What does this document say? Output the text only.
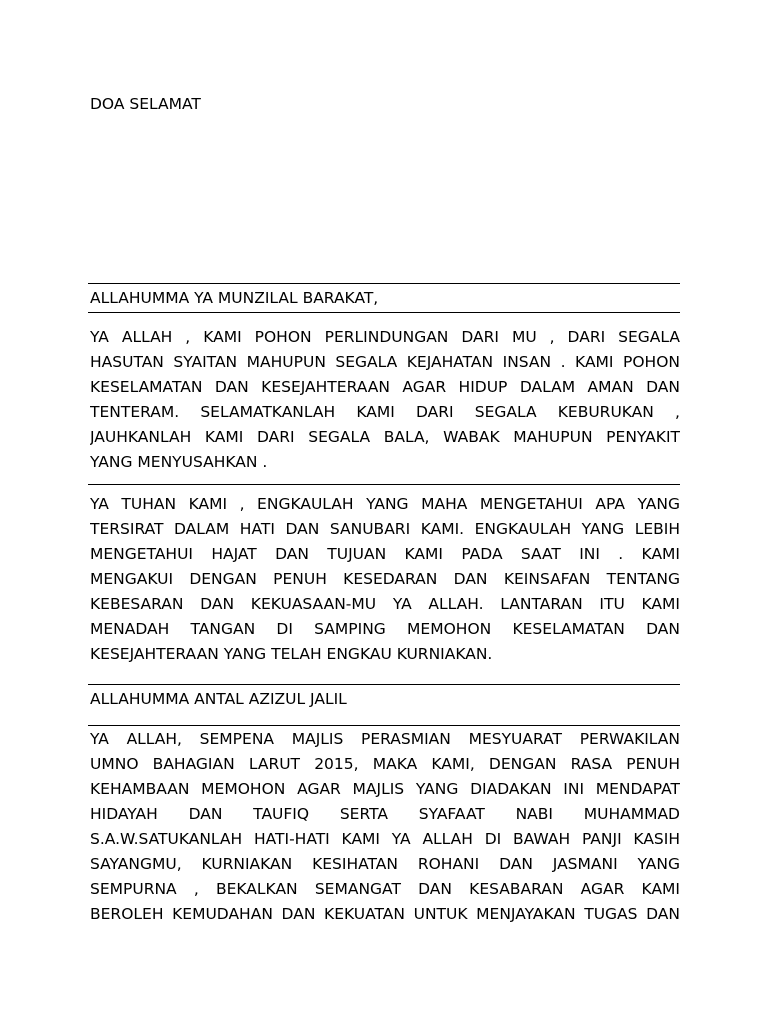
DOA SELAMAT
ALLAHUMMA YA MUNZILAL BARAKAT,
YA ALLAH , KAMI POHON PERLINDUNGAN DARI MU , DARI SEGALA
HASUTAN SYAITAN MAHUPUN SEGALA KEJAHATAN INSAN . KAMI POHON
KESELAMATAN DAN KESEJAHTERAAN AGAR HIDUP DALAM AMAN DAN
TENTERAM. SELAMATKANLAH KAMI DARI SEGALA KEBURUKAN ,
JAUHKANLAH KAMI DARI SEGALA BALA, WABAK MAHUPUN PENYAKIT
YANG MENYUSAHKAN .
YA TUHAN KAMI , ENGKAULAH YANG MAHA MENGETAHUI APA YANG
TERSIRAT DALAM HATI DAN SANUBARI KAMI. ENGKAULAH YANG LEBIH
MENGETAHUI HAJAT DAN TUJUAN KAMI PADA SAAT INI . KAMI
MENGAKUI DENGAN PENUH KESEDARAN DAN KEINSAFAN TENTANG
KEBESARAN DAN KEKUASAAN-MU YA ALLAH. LANTARAN ITU KAMI
MENADAH TANGAN DI SAMPING MEMOHON KESELAMATAN DAN
KESEJAHTERAAN YANG TELAH ENGKAU KURNIAKAN.
ALLAHUMMA ANTAL AZIZUL JALIL
YA ALLAH, SEMPENA MAJLIS PERASMIAN MESYUARAT PERWAKILAN
UMNO BAHAGIAN LARUT 2015, MAKA KAMI, DENGAN RASA PENUH
KEHAMBAAN MEMOHON AGAR MAJLIS YANG DIADAKAN INI MENDAPAT
HIDAYAH DAN TAUFIQ SERTA SYAFAAT NABI MUHAMMAD
S.A.W.SATUKANLAH HATI-HATI KAMI YA ALLAH DI BAWAH PANJI KASIH
SAYANGMU, KURNIAKAN KESIHATAN ROHANI DAN JASMANI YANG
SEMPURNA , BEKALKAN SEMANGAT DAN KESABARAN AGAR KAMI
BEROLEH KEMUDAHAN DAN KEKUATAN UNTUK MENJAYAKAN TUGAS DAN
